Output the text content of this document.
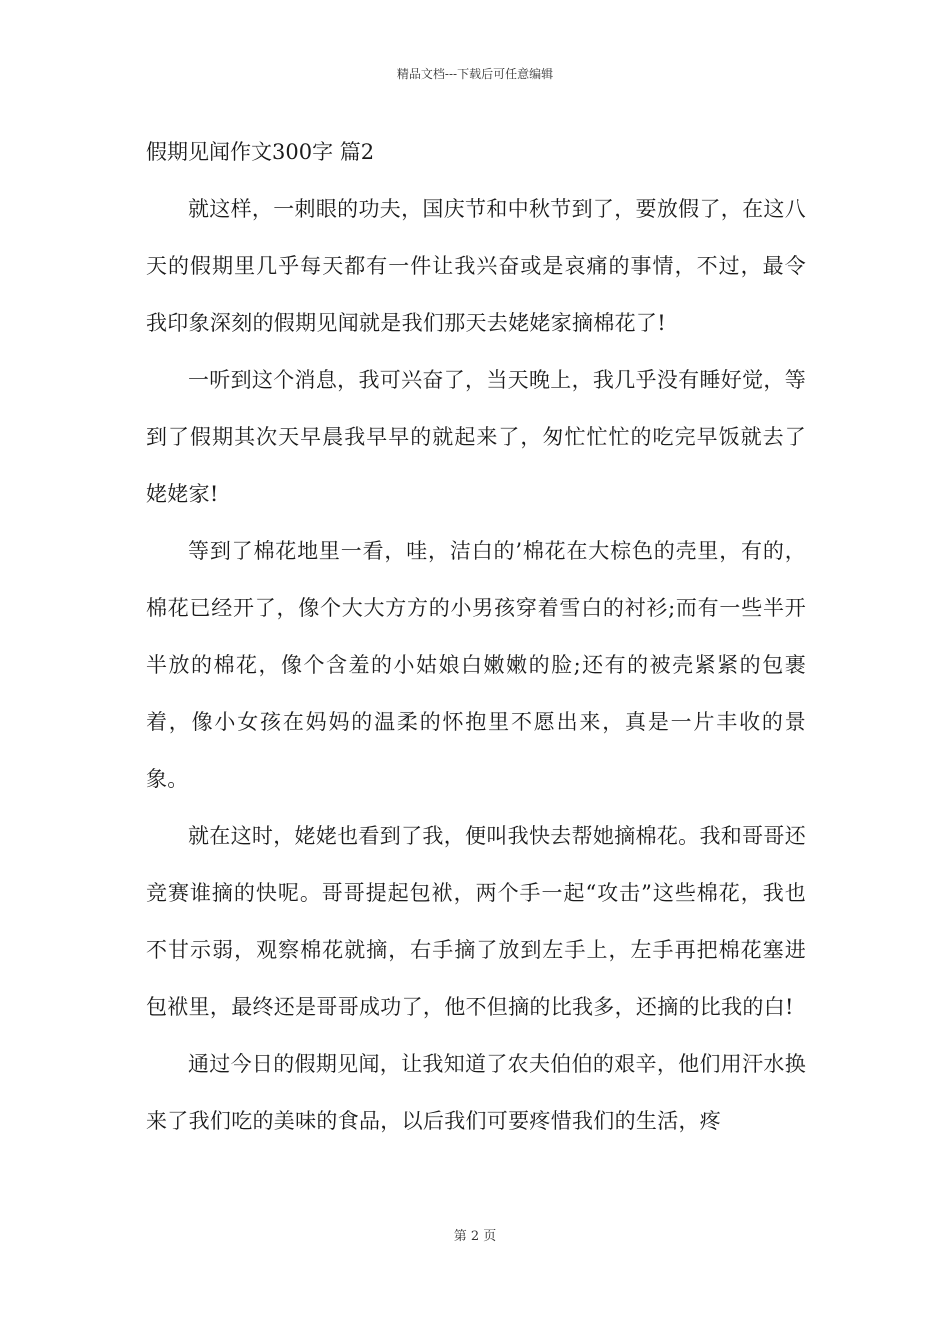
精品文档---下载后可任意编辑
假期见闻作文300字 篇2

就这样，一刺眼的功夫，国庆节和中秋节到了，要放假了，在这八天的假期里几乎每天都有一件让我兴奋或是哀痛的事情，不过，最令我印象深刻的假期见闻就是我们那天去姥姥家摘棉花了!

一听到这个消息，我可兴奋了，当天晚上，我几乎没有睡好觉，等到了假期其次天早晨我早早的就起来了，匆忙忙忙的吃完早饭就去了姥姥家!

等到了棉花地里一看，哇，洁白的’棉花在大棕色的壳里，有的，棉花已经开了，像个大大方方的小男孩穿着雪白的衬衫;而有一些半开半放的棉花，像个含羞的小姑娘白嫩嫩的脸;还有的被壳紧紧的包裹着，像小女孩在妈妈的温柔的怀抱里不愿出来，真是一片丰收的景象。

就在这时，姥姥也看到了我，便叫我快去帮她摘棉花。我和哥哥还竞赛谁摘的快呢。哥哥提起包袱，两个手一起“攻击”这些棉花，我也不甘示弱，观察棉花就摘，右手摘了放到左手上，左手再把棉花塞进包袱里，最终还是哥哥成功了，他不但摘的比我多，还摘的比我的白!

通过今日的假期见闻，让我知道了农夫伯伯的艰辛，他们用汗水换来了我们吃的美味的食品，以后我们可要疼惜我们的生活，疼

第 2 页
